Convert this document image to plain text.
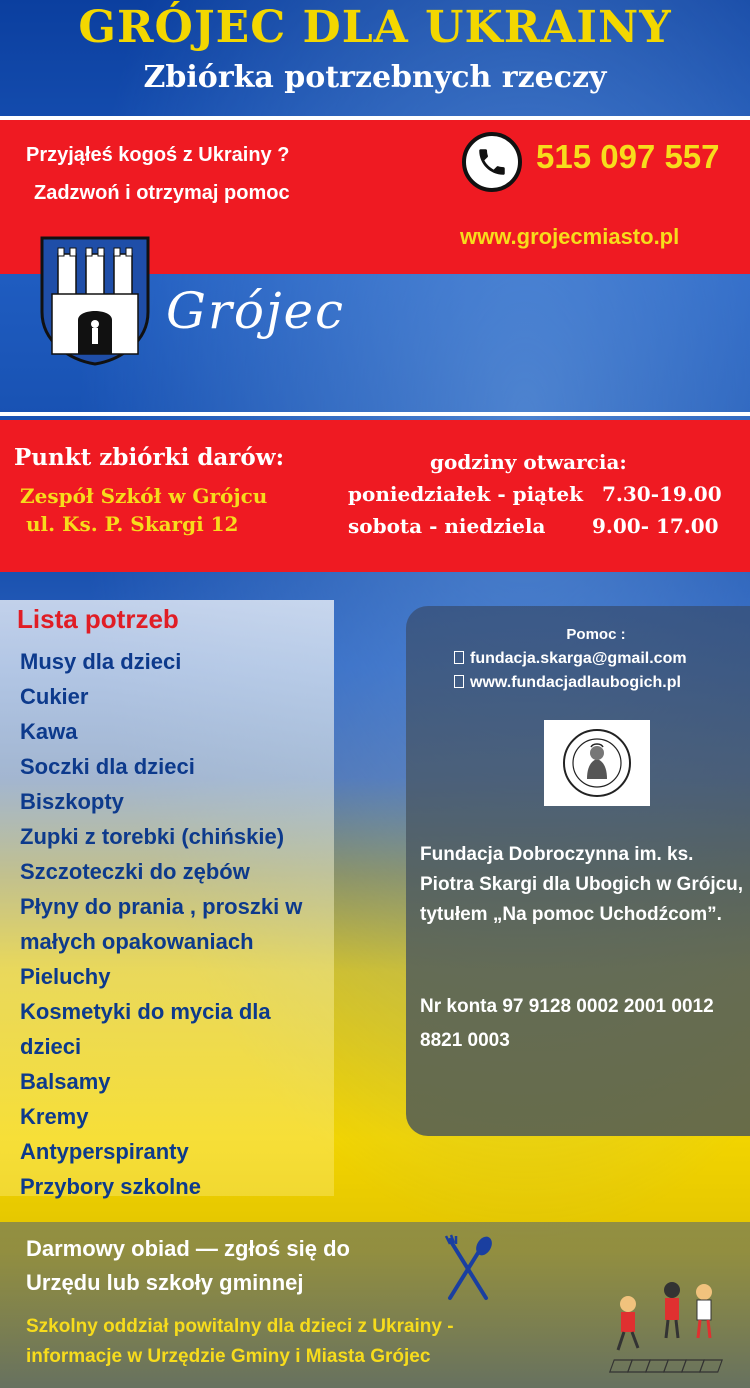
GRÓJEC DLA UKRAINY
Zbiórka potrzebnych rzeczy
Przyjąłeś kogoś z Ukrainy ?
Zadzwoń i otrzymaj pomoc
515 097 557
www.grojecmiasto.pl
Grójec
Punkt zbiórki darów:
Zespół Szkół w Grójcu
ul. Ks. P. Skargi 12
godziny otwarcia:
poniedziałek - piątek 7.30-19.00
sobota - niedziela 9.00- 17.00
Lista potrzeb
Musy dla dzieci
Cukier
Kawa
Soczki dla dzieci
Biszkopty
Zupki z torebki (chińskie)
Szczoteczki do zębów
Płyny do prania , proszki w małych opakowaniach
Pieluchy
Kosmetyki do mycia dla dzieci
Balsamy
Kremy
Antyperspiranty
Przybory szkolne
Pomoc :
fundacja.skarga@gmail.com
www.fundacjadlaubogich.pl
Fundacja Dobroczynna im. ks. Piotra Skargi dla Ubogich w Grójcu, tytułem „Na pomoc Uchodźcom”.
Nr konta 97 9128 0002 2001 0012 8821 0003
Darmowy obiad — zgłoś się do
Urzędu lub szkoły gminnej
Szkolny oddział powitalny dla dzieci z Ukrainy -
informacje w Urzędzie Gminy i Miasta Grójec
